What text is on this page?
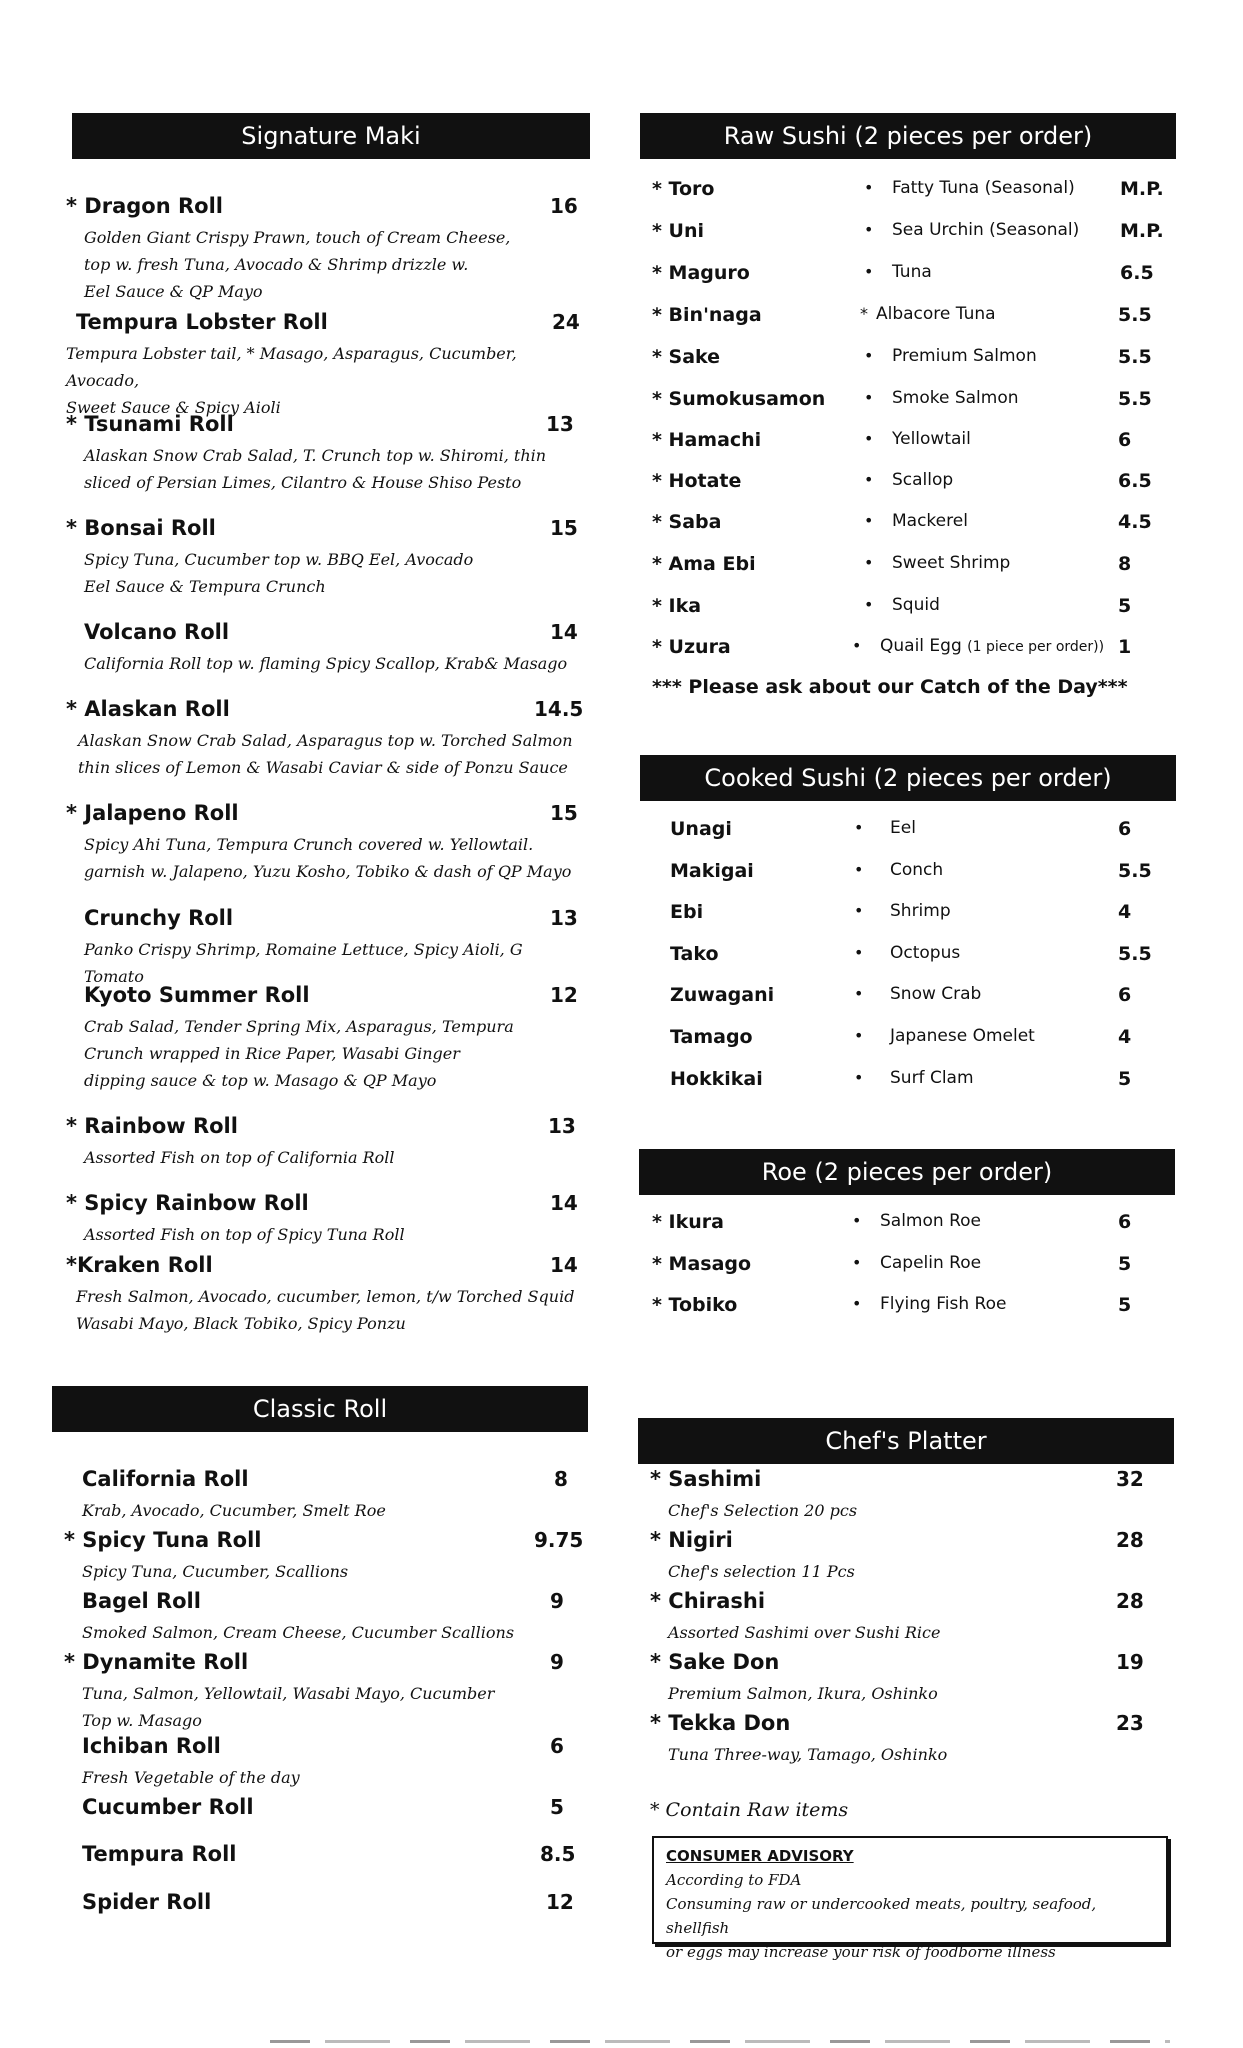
Signature Maki
* Dragon Roll	16
Golden Giant Crispy Prawn, touch of Cream Cheese,
top w. fresh Tuna, Avocado & Shrimp drizzle w.
Eel Sauce & QP Mayo
Tempura Lobster Roll	24
Tempura Lobster tail, * Masago, Asparagus, Cucumber, Avocado,
Sweet Sauce & Spicy Aioli
* Tsunami Roll	13
Alaskan Snow Crab Salad, T. Crunch top w. Shiromi, thin
sliced of Persian Limes, Cilantro & House Shiso Pesto
* Bonsai Roll	15
Spicy Tuna, Cucumber top w. BBQ Eel, Avocado
Eel Sauce & Tempura Crunch
Volcano Roll	14
California Roll top w. flaming Spicy Scallop, Krab& Masago
* Alaskan Roll	14.5
Alaskan Snow Crab Salad, Asparagus top w. Torched Salmon
thin slices of Lemon & Wasabi Caviar & side of Ponzu Sauce
* Jalapeno Roll	15
Spicy Ahi Tuna, Tempura Crunch covered w. Yellowtail.
garnish w. Jalapeno, Yuzu Kosho, Tobiko & dash of QP Mayo
Crunchy Roll	13
Panko Crispy Shrimp, Romaine Lettuce, Spicy Aioli, G Tomato
Kyoto Summer Roll	12
Crab Salad, Tender Spring Mix, Asparagus, Tempura
Crunch wrapped in Rice Paper, Wasabi Ginger
dipping sauce & top w. Masago & QP Mayo
* Rainbow Roll	13
Assorted Fish on top of California Roll
* Spicy Rainbow Roll	14
Assorted Fish on top of Spicy Tuna Roll
*Kraken Roll	14
Fresh Salmon, Avocado, cucumber, lemon, t/w Torched Squid
Wasabi Mayo, Black Tobiko, Spicy Ponzu
Classic Roll
California Roll	8
Krab, Avocado, Cucumber, Smelt Roe
* Spicy Tuna Roll	9.75
Spicy Tuna, Cucumber, Scallions
Bagel Roll	9
Smoked Salmon, Cream Cheese, Cucumber Scallions
* Dynamite Roll	9
Tuna, Salmon, Yellowtail, Wasabi Mayo, Cucumber
Top w. Masago
Ichiban Roll	6
Fresh Vegetable of the day
Cucumber Roll	5
Tempura Roll	8.5
Spider Roll	12
Raw Sushi (2 pieces per order)
* Toro	• Fatty Tuna (Seasonal) M.P.
* Uni	• Sea Urchin (Seasonal) M.P.
* Maguro	• Tuna	6.5
* Bin'naga	* Albacore Tuna	5.5
* Sake	• Premium Salmon	5.5
* Sumokusamon • Smoke Salmon	5.5
* Hamachi	• Yellowtail	6
* Hotate	• Scallop	6.5
* Saba	• Mackerel	4.5
* Ama Ebi	• Sweet Shrimp	8
* Ika	• Squid	5
* Uzura	• Quail Egg (1 piece per order)) 1
*** Please ask about our Catch of the Day***
Cooked Sushi (2 pieces per order)
Unagi	• Eel	6
Makigai	• Conch	5.5
Ebi	• Shrimp	4
Tako	• Octopus	5.5
Zuwagani	• Snow Crab	6
Tamago	• Japanese Omelet	4
Hokkikai	• Surf Clam	5
Roe (2 pieces per order)
* Ikura	• Salmon Roe	6
* Masago	• Capelin Roe	5
* Tobiko	• Flying Fish Roe	5
Chef's Platter
* Sashimi	32
Chef's Selection 20 pcs
* Nigiri	28
Chef's selection 11 Pcs
* Chirashi	28
Assorted Sashimi over Sushi Rice
* Sake Don	19
Premium Salmon, Ikura, Oshinko
* Tekka Don	23
Tuna Three-way, Tamago, Oshinko
* Contain Raw items
CONSUMER ADVISORY
According to FDA
Consuming raw or undercooked meats, poultry, seafood, shellfish
or eggs may increase your risk of foodborne illness
